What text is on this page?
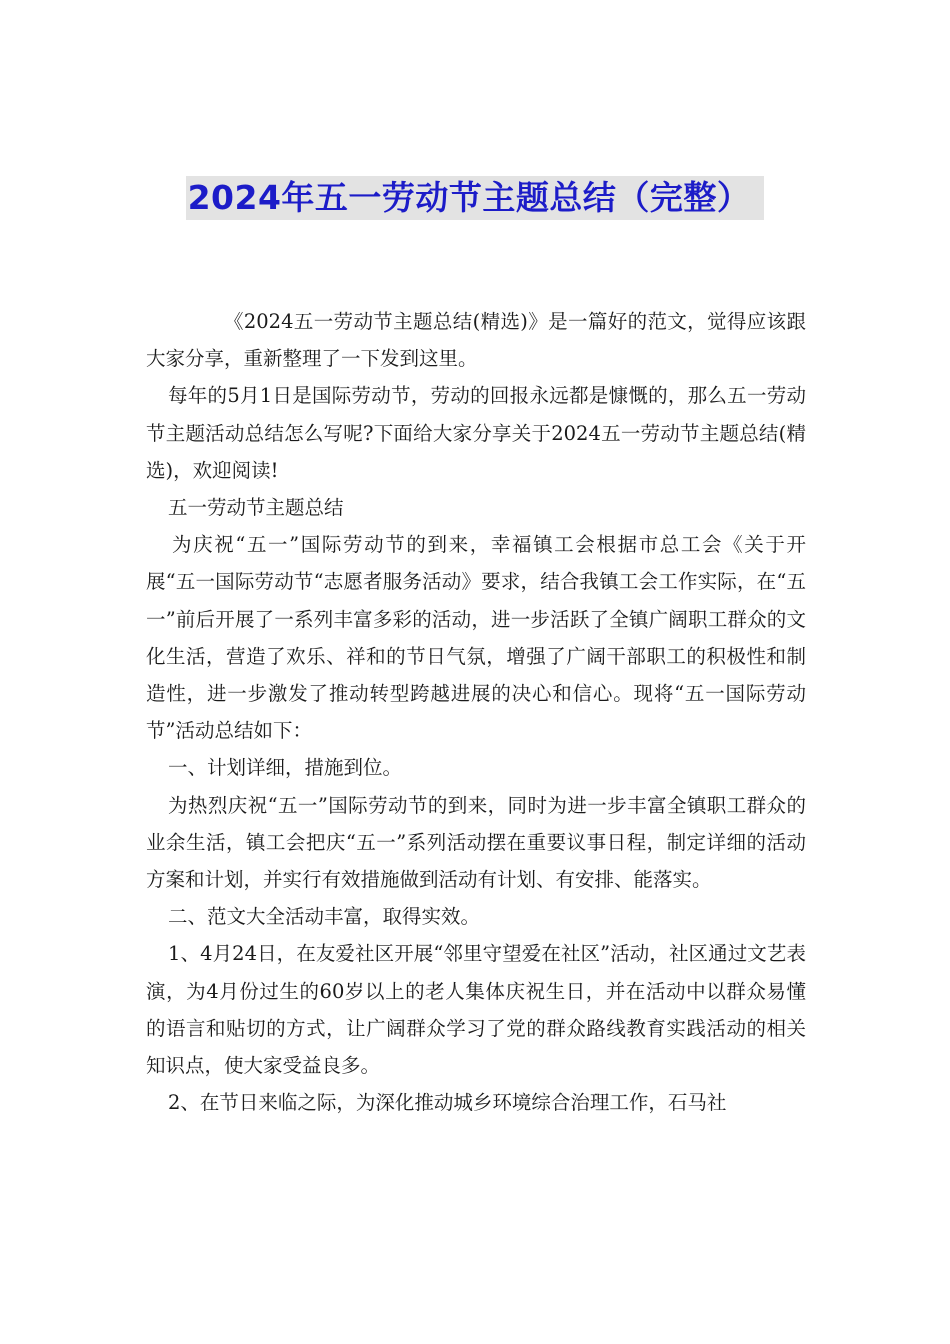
2024年五一劳动节主题总结（完整）

《2024五一劳动节主题总结(精选)》是一篇好的范文，觉得应该跟大家分享，重新整理了一下发到这里。

每年的5月1日是国际劳动节，劳动的回报永远都是慷慨的，那么五一劳动节主题活动总结怎么写呢?下面给大家分享关于2024五一劳动节主题总结(精选)，欢迎阅读!

五一劳动节主题总结

为庆祝“五一”国际劳动节的到来，幸福镇工会根据市总工会《关于开展“五一国际劳动节“志愿者服务活动》要求，结合我镇工会工作实际，在“五一”前后开展了一系列丰富多彩的活动，进一步活跃了全镇广阔职工群众的文化生活，营造了欢乐、祥和的节日气氛，增强了广阔干部职工的积极性和制造性，进一步激发了推动转型跨越进展的决心和信心。现将“五一国际劳动节”活动总结如下：

一、计划详细，措施到位。

为热烈庆祝“五一”国际劳动节的到来，同时为进一步丰富全镇职工群众的业余生活，镇工会把庆“五一”系列活动摆在重要议事日程，制定详细的活动方案和计划，并实行有效措施做到活动有计划、有安排、能落实。

二、范文大全活动丰富，取得实效。

1、4月24日，在友爱社区开展“邻里守望爱在社区”活动，社区通过文艺表演，为4月份过生的60岁以上的老人集体庆祝生日，并在活动中以群众易懂的语言和贴切的方式，让广阔群众学习了党的群众路线教育实践活动的相关知识点，使大家受益良多。

2、在节日来临之际，为深化推动城乡环境综合治理工作，石马社
